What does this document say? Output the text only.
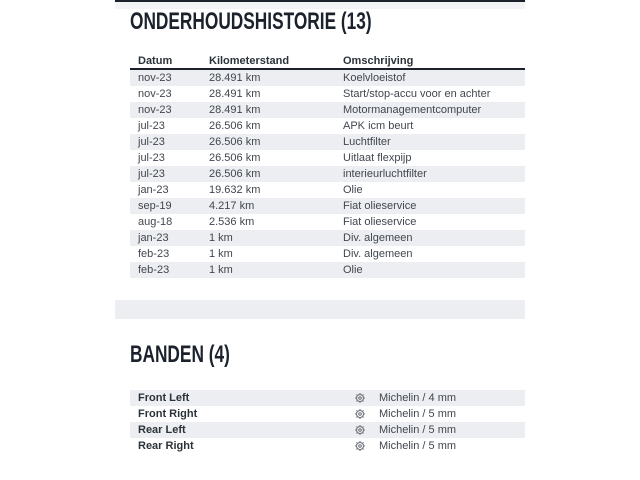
ONDERHOUDSHISTORIE (13)
Datum	Kilometerstand	Omschrijving
nov-23	28.491 km	Koelvloeistof
nov-23	28.491 km	Start/stop-accu voor en achter
nov-23	28.491 km	Motormanagementcomputer
jul-23	26.506 km	APK icm beurt
jul-23	26.506 km	Luchtfilter
jul-23	26.506 km	Uitlaat flexpijp
jul-23	26.506 km	interieurluchtfilter
jan-23	19.632 km	Olie
sep-19	4.217 km	Fiat olieservice
aug-18	2.536 km	Fiat olieservice
jan-23	1 km	Div. algemeen
feb-23	1 km	Div. algemeen
feb-23	1 km	Olie
BANDEN (4)
Front Left	Michelin / 4 mm
Front Right	Michelin / 5 mm
Rear Left	Michelin / 5 mm
Rear Right	Michelin / 5 mm
